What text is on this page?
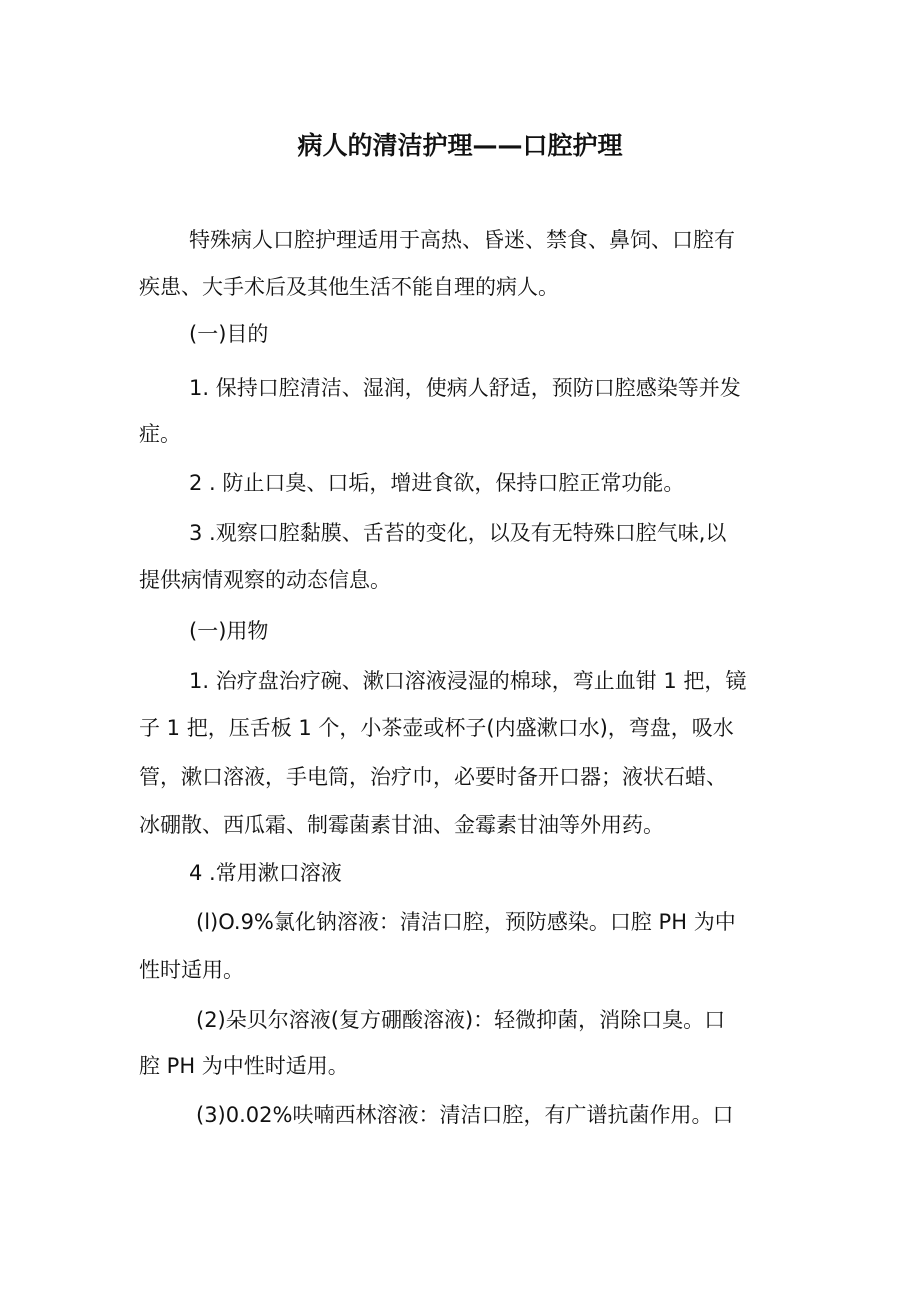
病人的清洁护理——口腔护理
特殊病人口腔护理适用于高热、昏迷、禁食、鼻饲、口腔有
疾患、大手术后及其他生活不能自理的病人。
(一)目的
1. 保持口腔清洁、湿润，使病人舒适，预防口腔感染等并发
症。
2 . 防止口臭、口垢，增进食欲，保持口腔正常功能。
3 .观察口腔黏膜、舌苔的变化，以及有无特殊口腔气味,以
提供病情观察的动态信息。
(一)用物
1. 治疗盘治疗碗、漱口溶液浸湿的棉球，弯止血钳 1 把，镜
子 1 把，压舌板 1 个，小茶壶或杯子(内盛漱口水)，弯盘，吸水
管，漱口溶液，手电筒，治疗巾，必要时备开口器；液状石蜡、
冰硼散、西瓜霜、制霉菌素甘油、金霉素甘油等外用药。
4 .常用漱口溶液
(l)O.9%氯化钠溶液：清洁口腔，预防感染。口腔 PH 为中
性时适用。
(2)朵贝尔溶液(复方硼酸溶液)：轻微抑菌，消除口臭。口
腔 PH 为中性时适用。
(3)0.02%呋喃西林溶液：清洁口腔，有广谱抗菌作用。口
